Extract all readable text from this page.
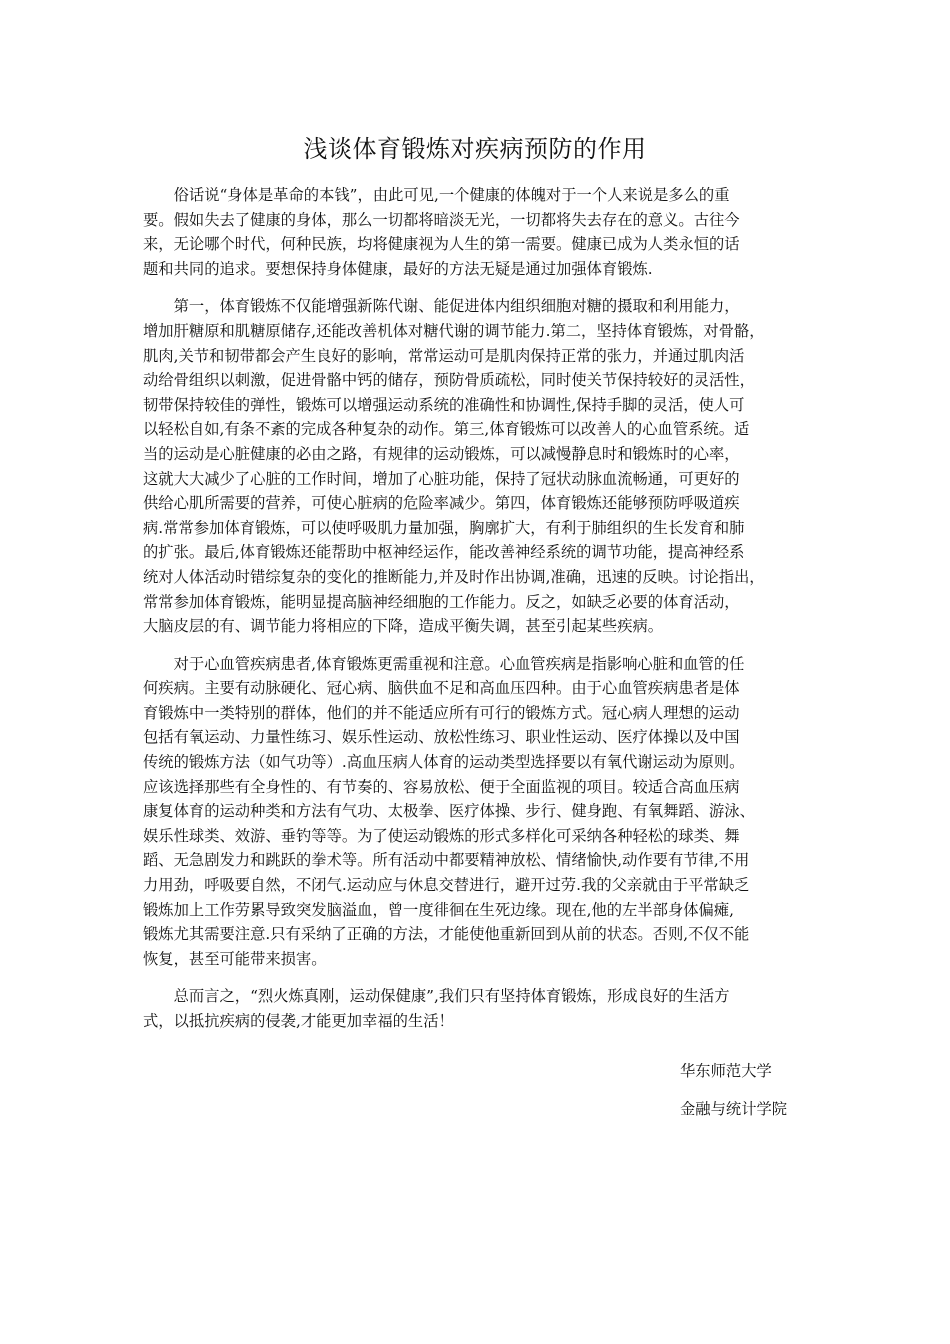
浅谈体育锻炼对疾病预防的作用
　　俗话说“身体是革命的本钱”，由此可见,一个健康的体魄对于一个人来说是多么的重
要。假如失去了健康的身体，那么一切都将暗淡无光，一切都将失去存在的意义。古往今
来，无论哪个时代，何种民族，均将健康视为人生的第一需要。健康已成为人类永恒的话
题和共同的追求。要想保持身体健康，最好的方法无疑是通过加强体育锻炼.
　　第一，体育锻炼不仅能增强新陈代谢、能促进体内组织细胞对糖的摄取和利用能力，
增加肝糖原和肌糖原储存,还能改善机体对糖代谢的调节能力.第二，坚持体育锻炼，对骨骼，
肌肉,关节和韧带都会产生良好的影响，常常运动可是肌肉保持正常的张力，并通过肌肉活
动给骨组织以刺激，促进骨骼中钙的储存，预防骨质疏松，同时使关节保持较好的灵活性，
韧带保持较佳的弹性，锻炼可以增强运动系统的准确性和协调性,保持手脚的灵活，使人可
以轻松自如,有条不紊的完成各种复杂的动作。第三,体育锻炼可以改善人的心血管系统。适
当的运动是心脏健康的必由之路，有规律的运动锻炼，可以减慢静息时和锻炼时的心率，
这就大大减少了心脏的工作时间，增加了心脏功能，保持了冠状动脉血流畅通，可更好的
供给心肌所需要的营养，可使心脏病的危险率减少。第四，体育锻炼还能够预防呼吸道疾
病.常常参加体育锻炼，可以使呼吸肌力量加强，胸廓扩大，有利于肺组织的生长发育和肺
的扩张。最后,体育锻炼还能帮助中枢神经运作，能改善神经系统的调节功能，提高神经系
统对人体活动时错综复杂的变化的推断能力,并及时作出协调,准确，迅速的反映。讨论指出，
常常参加体育锻炼，能明显提高脑神经细胞的工作能力。反之，如缺乏必要的体育活动，
大脑皮层的有、调节能力将相应的下降，造成平衡失调，甚至引起某些疾病。
　　对于心血管疾病患者,体育锻炼更需重视和注意。心血管疾病是指影响心脏和血管的任
何疾病。主要有动脉硬化、冠心病、脑供血不足和高血压四种。由于心血管疾病患者是体
育锻炼中一类特别的群体，他们的并不能适应所有可行的锻炼方式。冠心病人理想的运动
包括有氧运动、力量性练习、娱乐性运动、放松性练习、职业性运动、医疗体操以及中国
传统的锻炼方法（如气功等）.高血压病人体育的运动类型选择要以有氧代谢运动为原则。
应该选择那些有全身性的、有节奏的、容易放松、便于全面监视的项目。较适合高血压病
康复体育的运动种类和方法有气功、太极拳、医疗体操、步行、健身跑、有氧舞蹈、游泳、
娱乐性球类、效游、垂钓等等。为了使运动锻炼的形式多样化可采纳各种轻松的球类、舞
蹈、无急剧发力和跳跃的拳术等。所有活动中都要精神放松、情绪愉快,动作要有节律,不用
力用劲，呼吸要自然，不闭气.运动应与休息交替进行，避开过劳.我的父亲就由于平常缺乏
锻炼加上工作劳累导致突发脑溢血，曾一度徘徊在生死边缘。现在,他的左半部身体偏瘫,
锻炼尤其需要注意.只有采纳了正确的方法，才能使他重新回到从前的状态。否则,不仅不能
恢复，甚至可能带来损害。
　　总而言之，“烈火炼真刚，运动保健康”,我们只有坚持体育锻炼，形成良好的生活方
式，以抵抗疾病的侵袭,才能更加幸福的生活！
华东师范大学
金融与统计学院
